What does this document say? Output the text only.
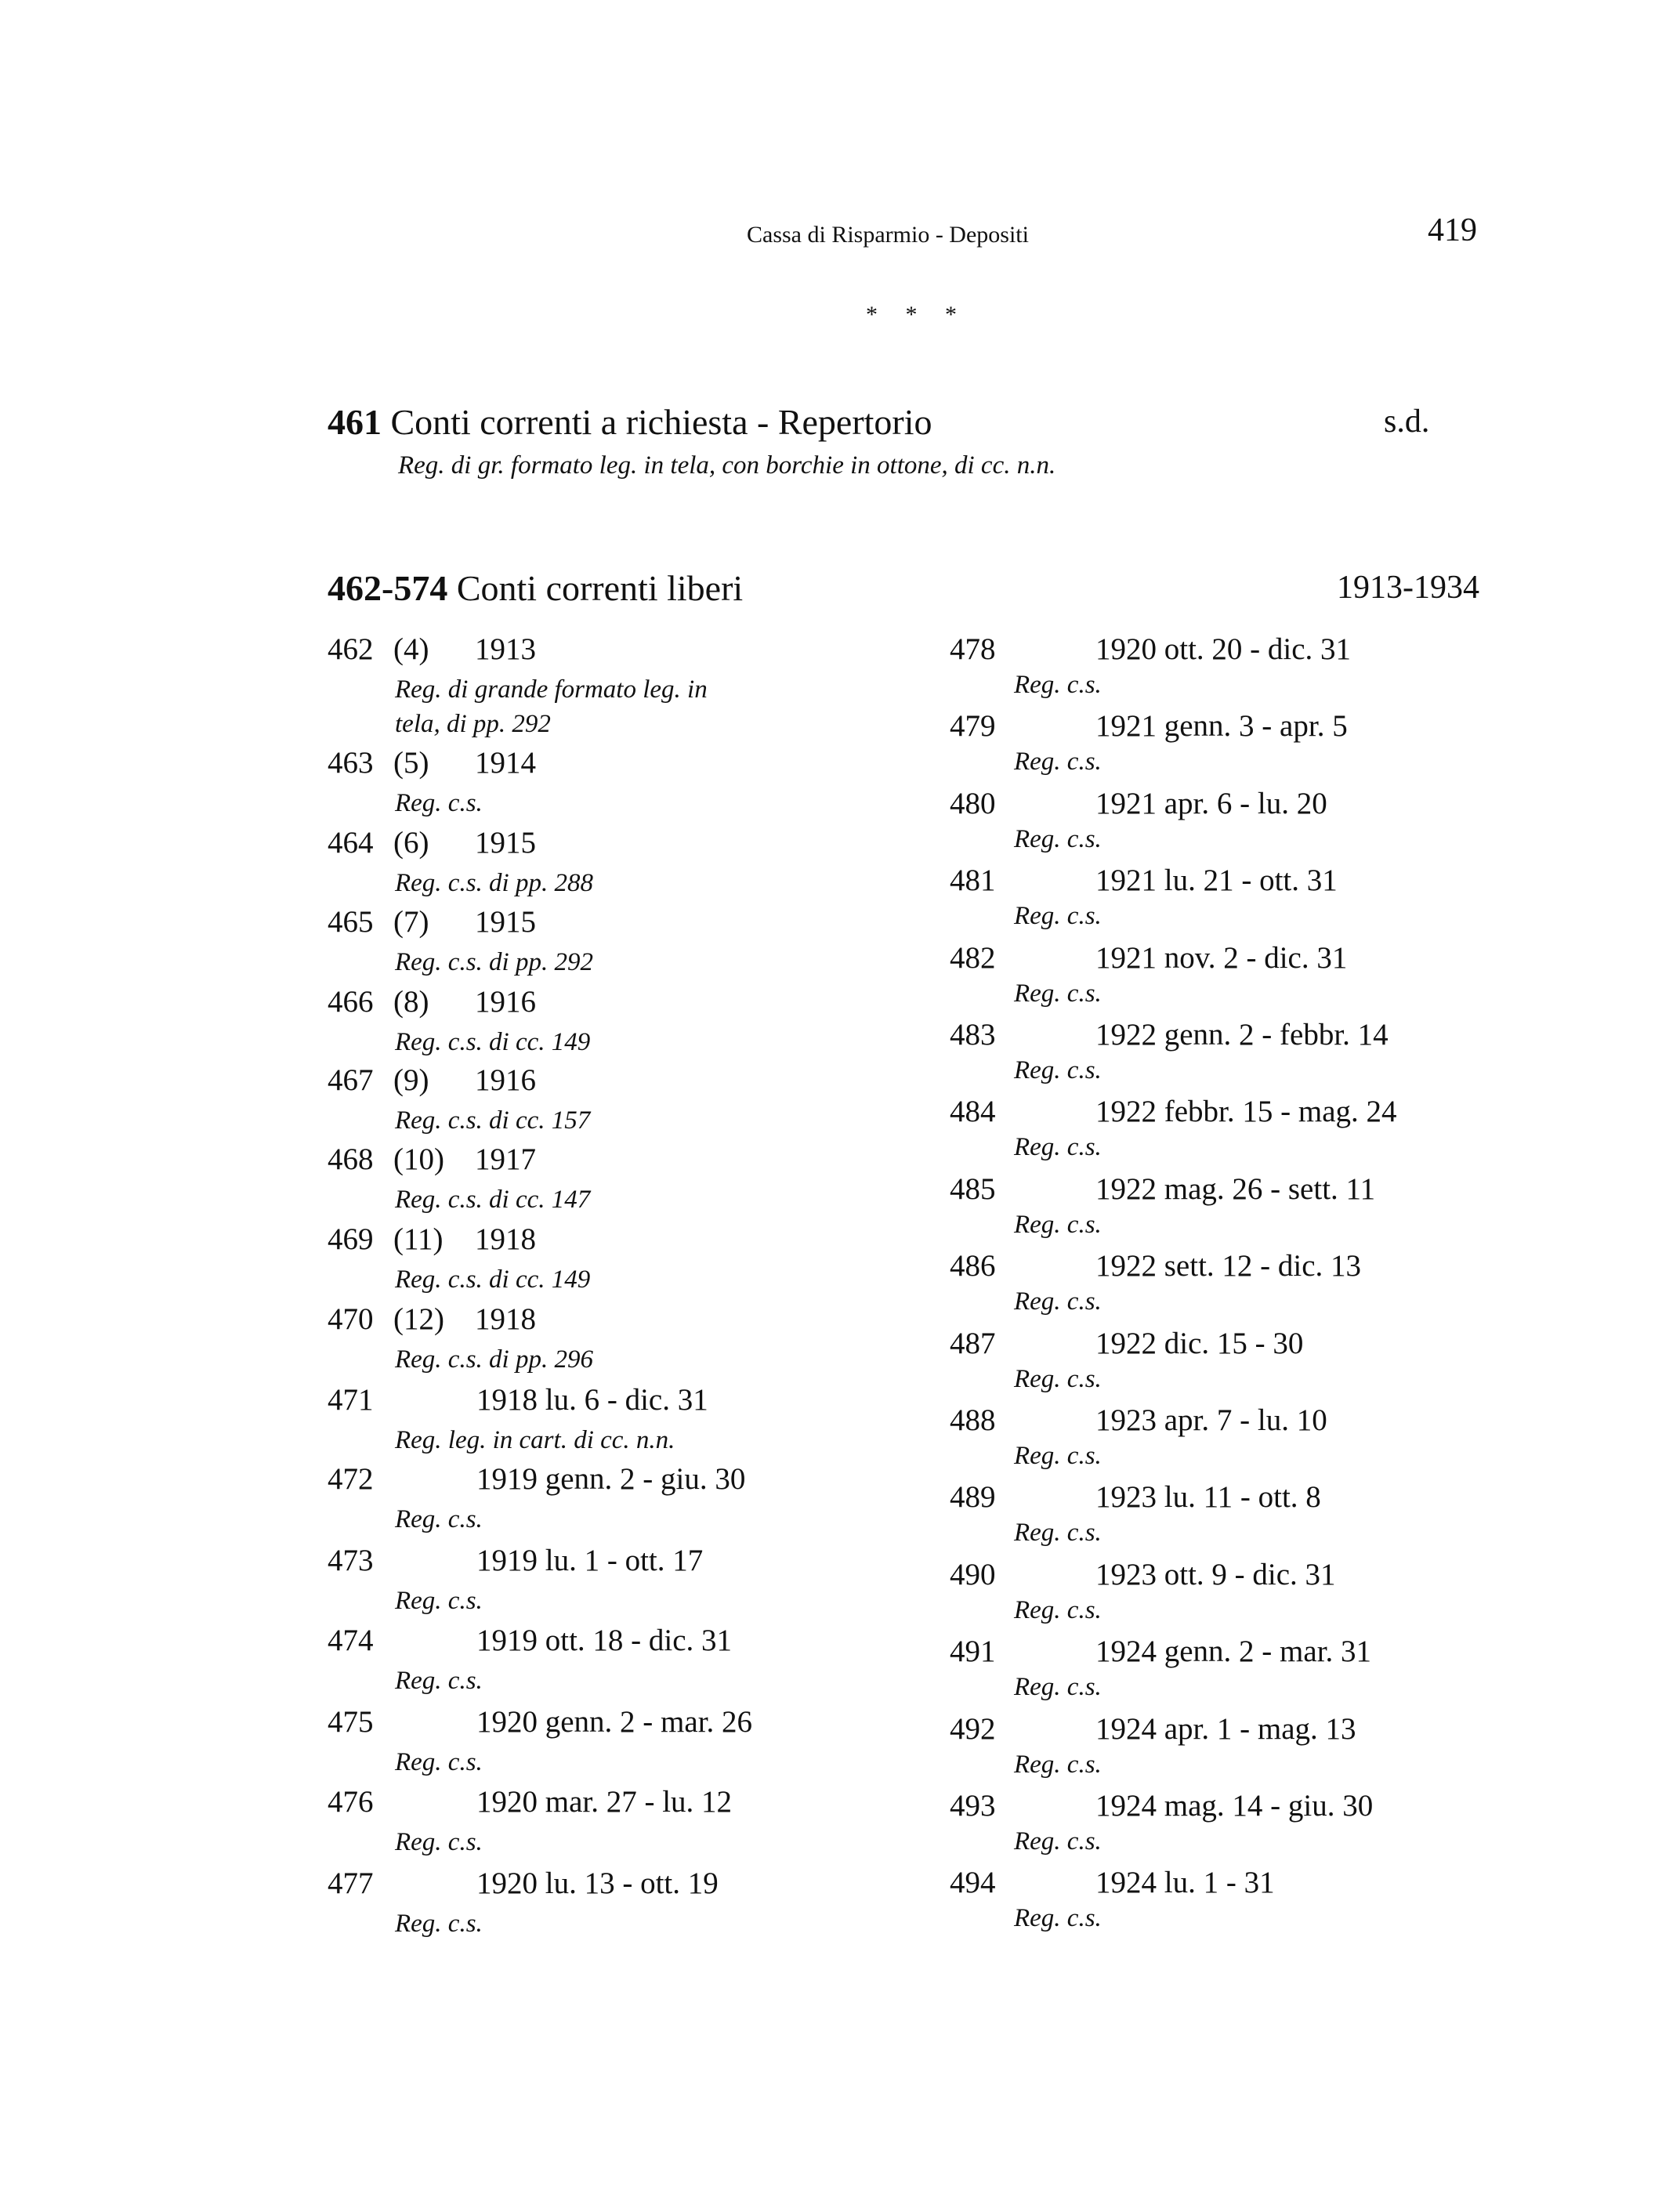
Cassa di Risparmio - Depositi	419
* * *
461 Conti correnti a richiesta - Repertorio	s.d.
Reg. di gr. formato leg. in tela, con borchie in ottone, di cc. n.n.
462-574 Conti correnti liberi	1913-1934
462 (4) 1913
Reg. di grande formato leg. in
tela, di pp. 292
463 (5) 1914
Reg. c.s.
464 (6) 1915
Reg. c.s. di pp. 288
465 (7) 1915
Reg. c.s. di pp. 292
466 (8) 1916
Reg. c.s. di cc. 149
467 (9) 1916
Reg. c.s. di cc. 157
468 (10) 1917
Reg. c.s. di cc. 147
469 (11) 1918
Reg. c.s. di cc. 149
470 (12) 1918
Reg. c.s. di pp. 296
471	1918 lu. 6 - dic. 31
Reg. leg. in cart. di cc. n.n.
472	1919 genn. 2 - giu. 30
Reg. c.s.
473	1919 lu. 1 - ott. 17
Reg. c.s.
474	1919 ott. 18 - dic. 31
Reg. c.s.
475	1920 genn. 2 - mar. 26
Reg. c.s.
476	1920 mar. 27 - lu. 12
Reg. c.s.
477	1920 lu. 13 - ott. 19
Reg. c.s.
478	1920 ott. 20 - dic. 31
Reg. c.s.
479	1921 genn. 3 - apr. 5
Reg. c.s.
480	1921 apr. 6 - lu. 20
Reg. c.s.
481	1921 lu. 21 - ott. 31
Reg. c.s.
482	1921 nov. 2 - dic. 31
Reg. c.s.
483	1922 genn. 2 - febbr. 14
Reg. c.s.
484	1922 febbr. 15 - mag. 24
Reg. c.s.
485	1922 mag. 26 - sett. 11
Reg. c.s.
486	1922 sett. 12 - dic. 13
Reg. c.s.
487	1922 dic. 15 - 30
Reg. c.s.
488	1923 apr. 7 - lu. 10
Reg. c.s.
489	1923 lu. 11 - ott. 8
Reg. c.s.
490	1923 ott. 9 - dic. 31
Reg. c.s.
491	1924 genn. 2 - mar. 31
Reg. c.s.
492	1924 apr. 1 - mag. 13
Reg. c.s.
493	1924 mag. 14 - giu. 30
Reg. c.s.
494	1924 lu. 1 - 31
Reg. c.s.
